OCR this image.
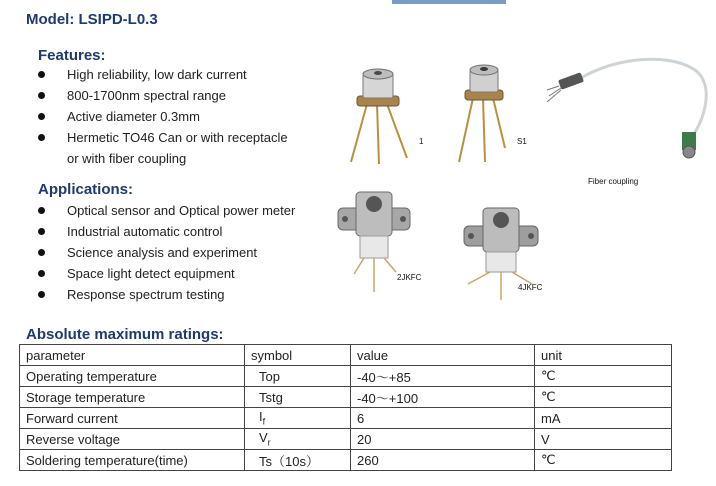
Model: LSIPD-L0.3
Features:
High reliability, low dark current
800-1700nm spectral range
Active diameter 0.3mm
Hermetic TO46 Can or with receptacle
or with fiber coupling
Applications:
Optical sensor and Optical power meter
Industrial automatic control
Science analysis and experiment
Space light detect equipment
Response spectrum testing
1	S1
Fiber coupling
2JKFC
4JKFC
Absolute maximum ratings:
parameter	symbol	value	unit
Operating temperature	Top	-40～+85	℃
Storage temperature	Tstg	-40～+100	℃
Forward current	$I_f$	6	mA
Reverse voltage	$V_r$	20	V
Soldering temperature(time)	Ts（10s）	260	℃
